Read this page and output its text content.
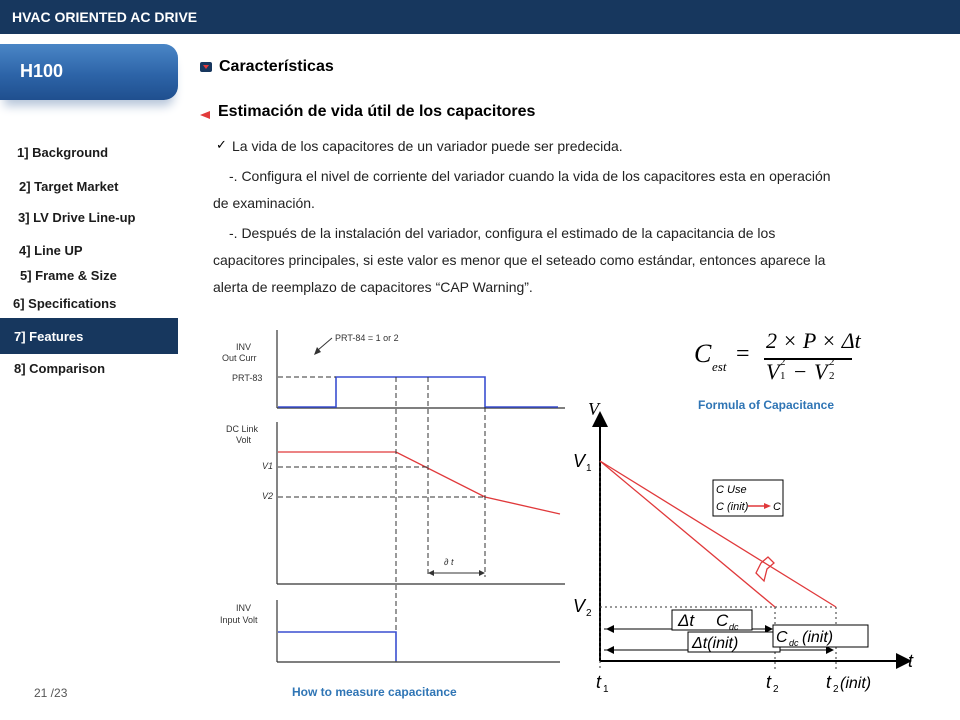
HVAC ORIENTED AC DRIVE
H100
1] Background
2] Target Market
3] LV Drive Line-up
4] Line UP
5] Frame & Size
6] Specifications
7] Features
8] Comparison
Características
Estimación de vida útil de los capacitores
✓ La vida de los capacitores de un variador puede ser predecida.
-. Configura el nivel de corriente del variador cuando la vida de los capacitores esta en operación
de examinación.
-. Después de la instalación del variador, configura el estimado de la capacitancia de los
capacitores principales, si este valor es menor que el seteado como estándar, entonces aparece la
alerta de reemplazo de capacitores “CAP Warning”.
INV
Out Curr
PRT-83
PRT-84 = 1 or 2
DC Link
Volt
V1
V2
INV
Input Volt
∂ t
C est =
2 × P × Δt
V 1
2 − V 2
2
Formula of Capacitance
V
t
V 1
V 2
C Use
C (init) C
Δt C dc
Δt(init) C dc (init)
t 1	t 2	t 2 (init)
How to measure capacitance
21 /23
